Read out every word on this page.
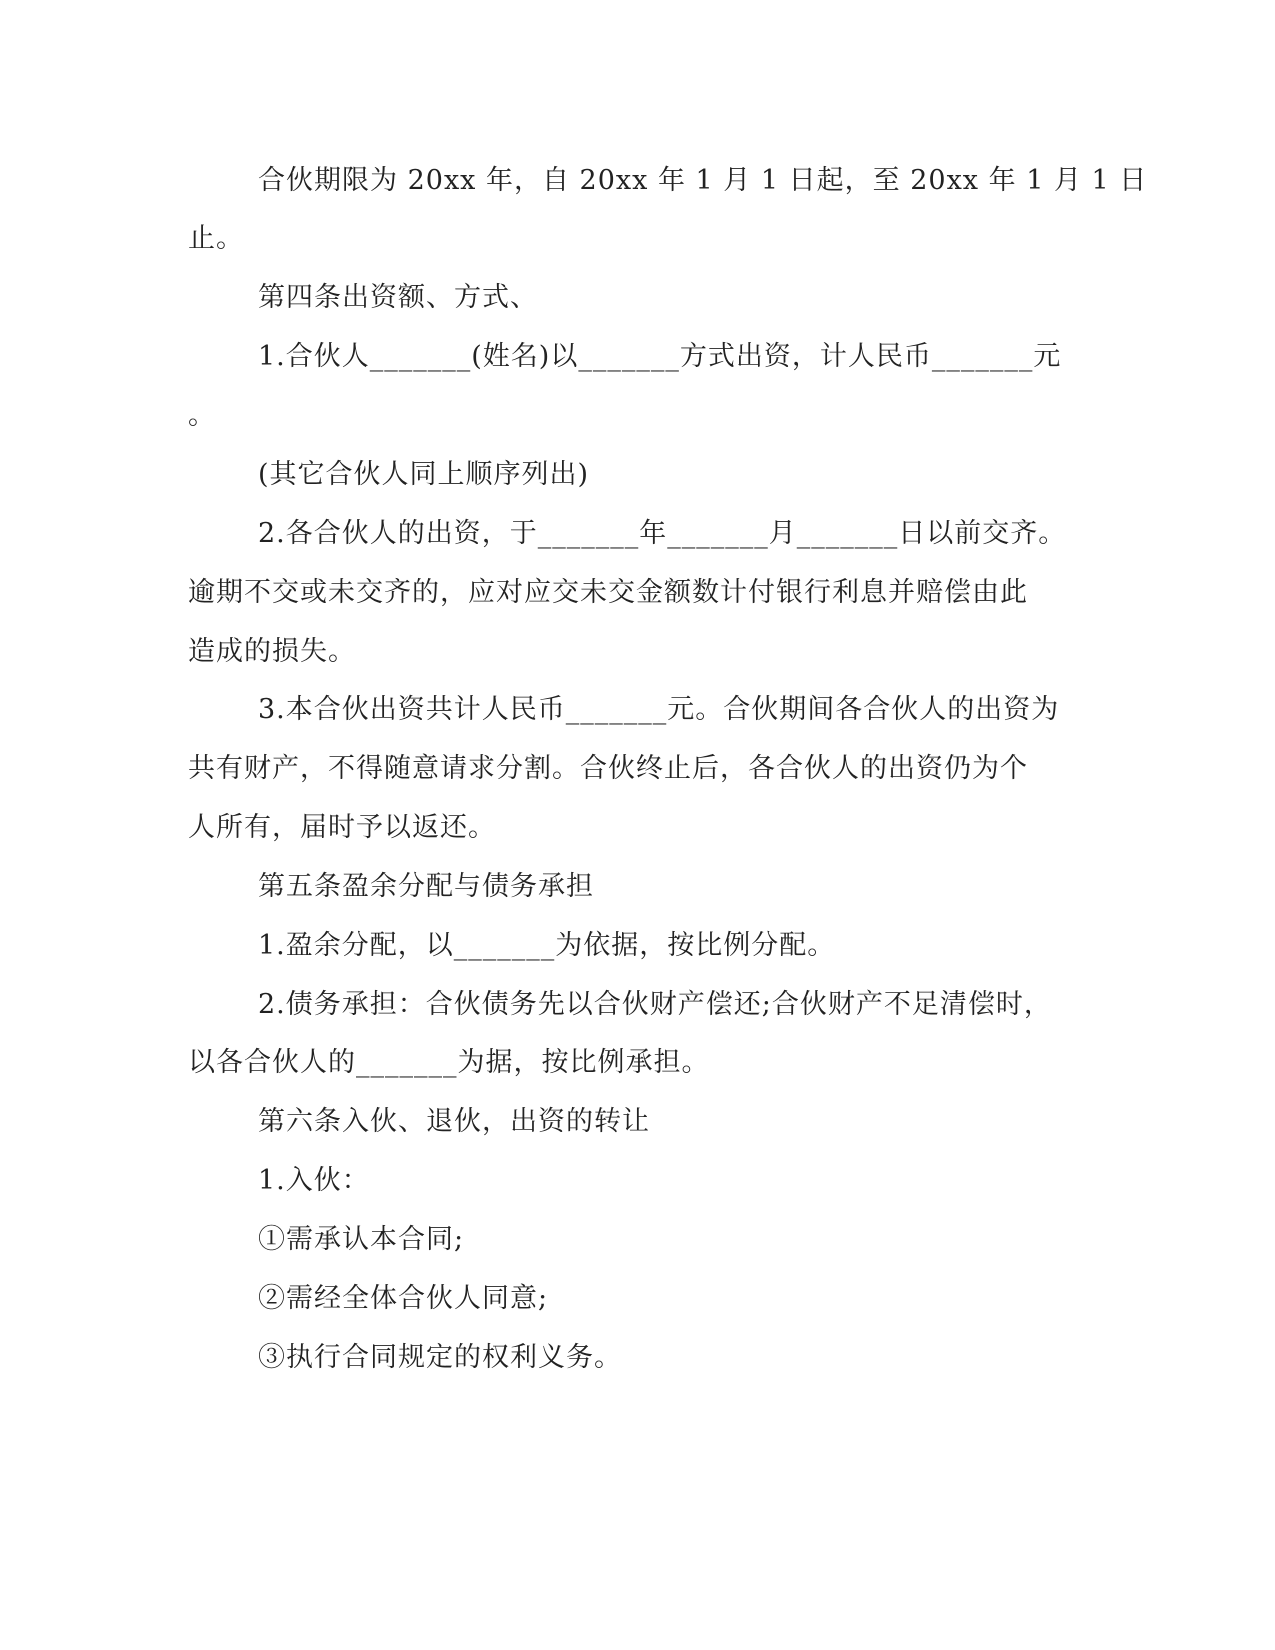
合伙期限为 20xx 年，自 20xx 年 1 月 1 日起，至 20xx 年 1 月 1 日
止。
第四条出资额、方式、
1.合伙人_______(姓名)以_______方式出资，计人民币_______元
。
(其它合伙人同上顺序列出)
2.各合伙人的出资，于_______年_______月_______日以前交齐。
逾期不交或未交齐的，应对应交未交金额数计付银行利息并赔偿由此
造成的损失。
3.本合伙出资共计人民币_______元。合伙期间各合伙人的出资为
共有财产，不得随意请求分割。合伙终止后，各合伙人的出资仍为个
人所有，届时予以返还。
第五条盈余分配与债务承担
1.盈余分配，以_______为依据，按比例分配。
2.债务承担：合伙债务先以合伙财产偿还;合伙财产不足清偿时，
以各合伙人的_______为据，按比例承担。
第六条入伙、退伙，出资的转让
1.入伙：
①需承认本合同;
②需经全体合伙人同意;
③执行合同规定的权利义务。
